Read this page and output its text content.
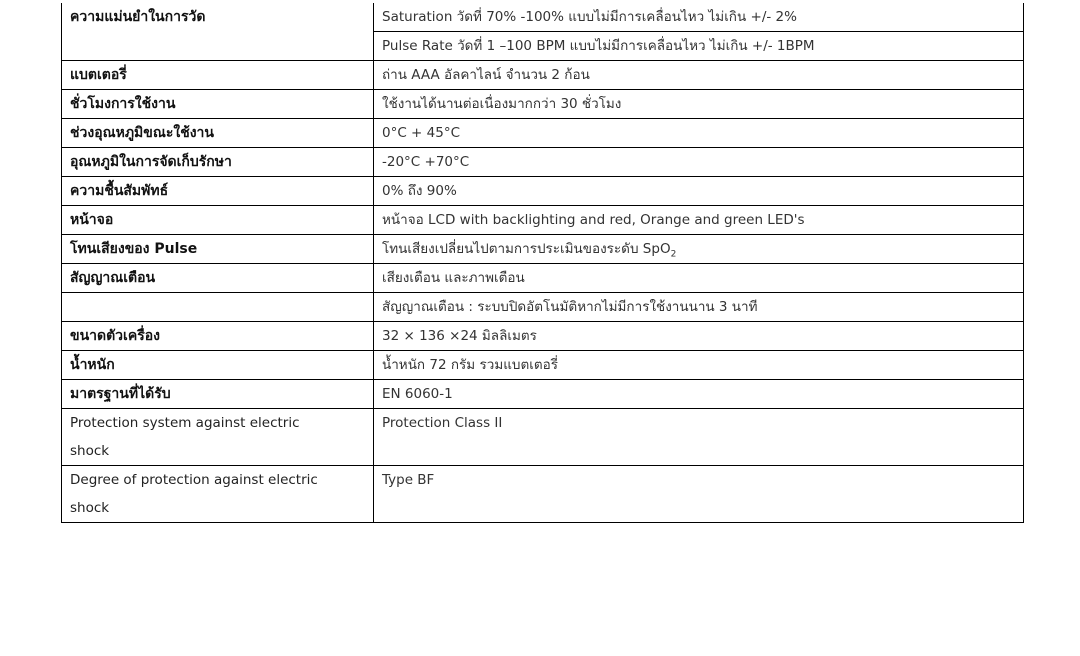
ความแม่นยำในการวัด	Saturation วัดที่ 70% -100% แบบไม่มีการเคลื่อนไหว ไม่เกิน +/- 2%
	Pulse Rate วัดที่ 1 –100 BPM แบบไม่มีการเคลื่อนไหว ไม่เกิน +/- 1BPM
แบตเตอรี่	ถ่าน AAA อัลคาไลน์ จำนวน 2 ก้อน
ชั่วโมงการใช้งาน	ใช้งานได้นานต่อเนื่องมากกว่า 30 ชั่วโมง
ช่วงอุณหภูมิขณะใช้งาน	0°C + 45°C
อุณหภูมิในการจัดเก็บรักษา	-20°C +70°C
ความชื้นสัมพัทธ์	0% ถึง 90%
หน้าจอ	หน้าจอ LCD with backlighting and red, Orange and green LED's
โทนเสียงของ Pulse	โทนเสียงเปลี่ยนไปตามการประเมินของระดับ SpO$_2$
สัญญาณเตือน	เสียงเตือน และภาพเตือน
	สัญญาณเตือน : ระบบปิดอัตโนมัติหากไม่มีการใช้งานนาน 3 นาที
ขนาดตัวเครื่อง	32 × 136 ×24 มิลลิเมตร
น้ำหนัก	น้ำหนัก 72 กรัม รวมแบตเตอรี่
มาตรฐานที่ได้รับ	EN 6060-1

Protection system against electric
shock	Protection Class II

Degree of protection against electric
shock	Type BF
